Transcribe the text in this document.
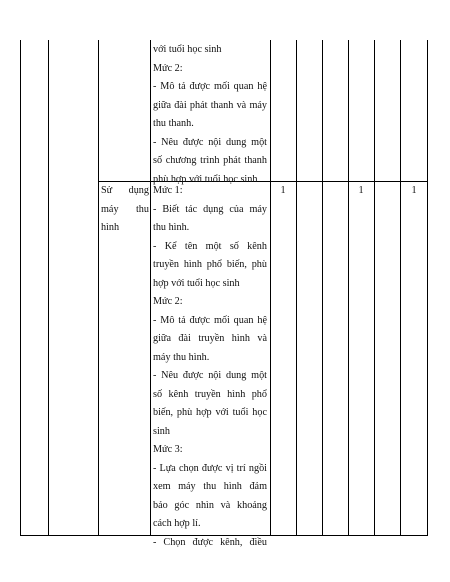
với tuổi học sinh
Mức 2:
- Mô tả được mối quan hệ
giữa đài phát thanh và máy
thu thanh.
- Nêu được nội dung một
số chương trình phát thanh
phù hợp với tuổi học sinh
Sử dụng
máy thu
hình
Mức 1:
- Biết tác dụng của máy
thu hình.
- Kể tên một số kênh
truyền hình phổ biến, phù
hợp với tuổi học sinh
Mức 2:
- Mô tả được mối quan hệ
giữa đài truyền hình và
máy thu hình.
- Nêu được nội dung một
số kênh truyền hình phổ
biến, phù hợp với tuổi học
sinh
Mức 3:
- Lựa chọn được vị trí ngồi
xem máy thu hình đảm
bảo góc nhìn và khoảng
cách hợp lí.
- Chọn được kênh, điều
1	1	1
